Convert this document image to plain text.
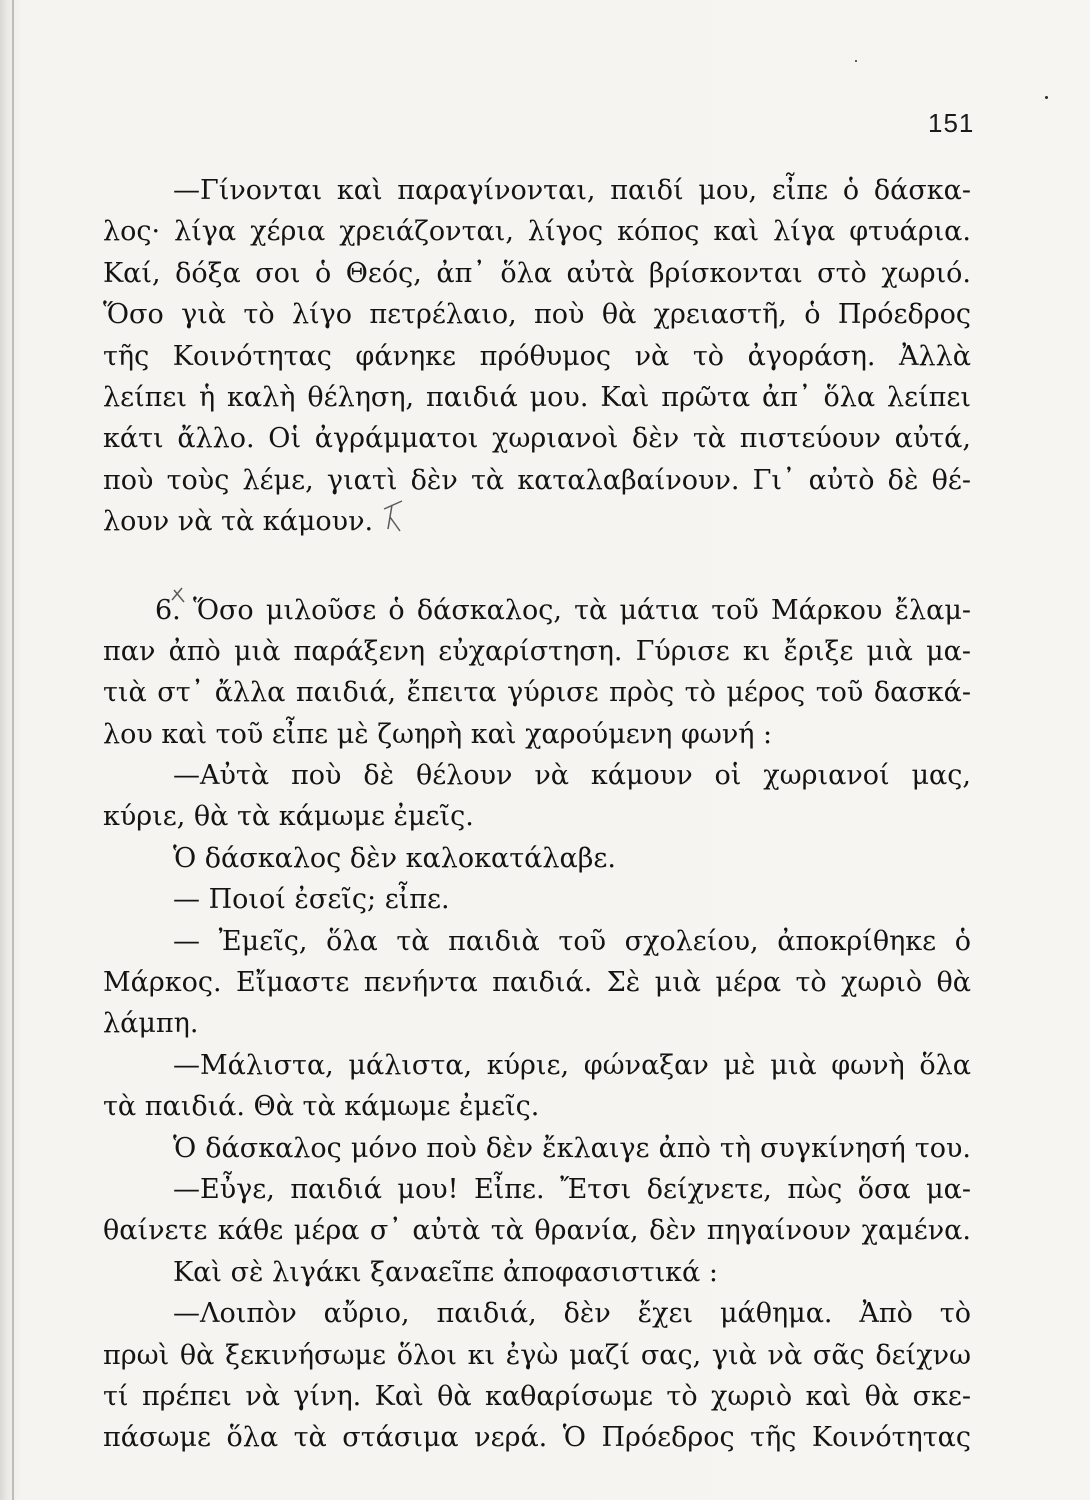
151
—Γίνονται καὶ παραγίνονται, παιδί μου, εἶπε ὁ δάσκα-
λος· λίγα χέρια χρειάζονται, λίγος κόπος καὶ λίγα φτυάρια.
Καί, δόξα σοι ὁ Θεός, ἀπ᾽ ὅλα αὐτὰ βρίσκονται στὸ χωριό.
Ὅσο γιὰ τὸ λίγο πετρέλαιο, ποὺ θὰ χρειαστῆ, ὁ Πρόεδρος
τῆς Κοινότητας φάνηκε πρόθυμος νὰ τὸ ἀγοράση. Ἀλλὰ
λείπει ἡ καλὴ θέληση, παιδιά μου. Καὶ πρῶτα ἀπ᾽ ὅλα λείπει
κάτι ἄλλο. Οἱ ἀγράμματοι χωριανοὶ δὲν τὰ πιστεύουν αὐτά,
ποὺ τοὺς λέμε, γιατὶ δὲν τὰ καταλαβαίνουν. Γι᾽ αὐτὸ δὲ θέ-
λουν νὰ τὰ κάμουν.
6. Ὅσο μιλοῦσε ὁ δάσκαλος, τὰ μάτια τοῦ Μάρκου ἔλαμ-
παν ἀπὸ μιὰ παράξενη εὐχαρίστηση. Γύρισε κι ἔριξε μιὰ μα-
τιὰ στ᾽ ἄλλα παιδιά, ἔπειτα γύρισε πρὸς τὸ μέρος τοῦ δασκά-
λου καὶ τοῦ εἶπε μὲ ζωηρὴ καὶ χαρούμενη φωνή :
—Αὐτὰ ποὺ δὲ θέλουν νὰ κάμουν οἱ χωριανοί μας,
κύριε, θὰ τὰ κάμωμε ἐμεῖς.
Ὁ δάσκαλος δὲν καλοκατάλαβε.
— Ποιοί ἐσεῖς; εἶπε.
— Ἐμεῖς, ὅλα τὰ παιδιὰ τοῦ σχολείου, ἀποκρίθηκε ὁ
Μάρκος. Εἴμαστε πενήντα παιδιά. Σὲ μιὰ μέρα τὸ χωριὸ θὰ
λάμπη.
—Μάλιστα, μάλιστα, κύριε, φώναξαν μὲ μιὰ φωνὴ ὅλα
τὰ παιδιά. Θὰ τὰ κάμωμε ἐμεῖς.
Ὁ δάσκαλος μόνο ποὺ δὲν ἔκλαιγε ἀπὸ τὴ συγκίνησή του.
—Εὖγε, παιδιά μου! Εἶπε. Ἔτσι δείχνετε, πὼς ὅσα μα-
θαίνετε κάθε μέρα σ᾽ αὐτὰ τὰ θρανία, δὲν πηγαίνουν χαμένα.
Καὶ σὲ λιγάκι ξαναεῖπε ἀποφασιστικά :
—Λοιπὸν αὔριο, παιδιά, δὲν ἔχει μάθημα. Ἀπὸ τὸ
πρωὶ θὰ ξεκινήσωμε ὅλοι κι ἐγὼ μαζί σας, γιὰ νὰ σᾶς δείχνω
τί πρέπει νὰ γίνη. Καὶ θὰ καθαρίσωμε τὸ χωριὸ καὶ θὰ σκε-
πάσωμε ὅλα τὰ στάσιμα νερά. Ὁ Πρόεδρος τῆς Κοινότητας
